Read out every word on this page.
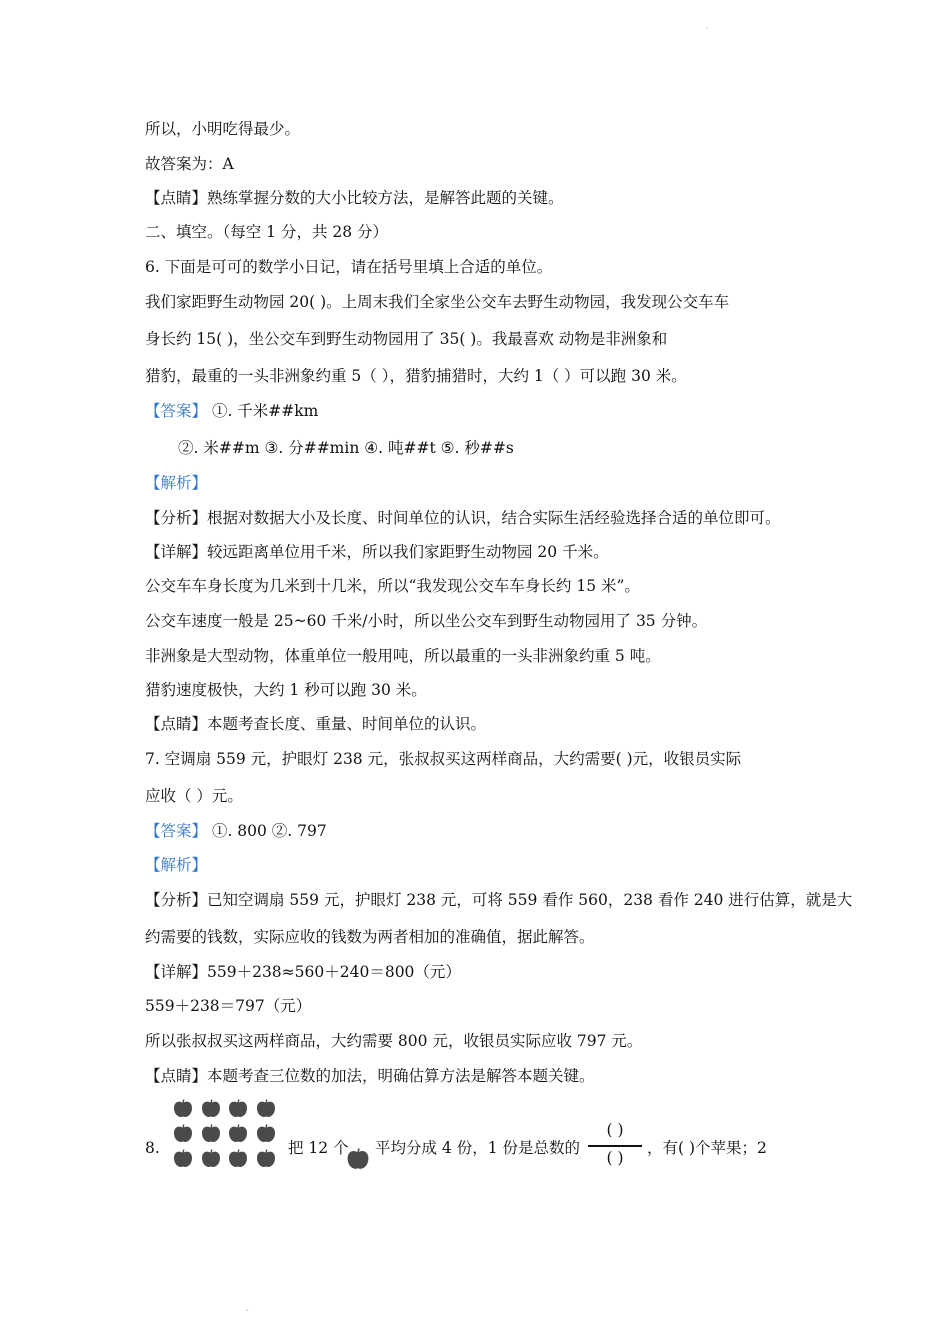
ˎ
所以，小明吃得最少。
故答案为：A
【点睛】熟练掌握分数的大小比较方法，是解答此题的关键。
二、填空。（每空 1 分，共 28 分）
6. 下面是可可的数学小日记，请在括号里填上合适的单位。
我们家距野生动物园 20( )。上周末我们全家坐公交车去野生动物园，我发现公交车车
身长约 15( )，坐公交车到野生动物园用了 35( )。我最喜欢 动物是非洲象和
猎豹，最重的一头非洲象约重 5（ ），猎豹捕猎时，大约 1（ ）可以跑 30 米。
【答案】 ①. 千米##km
②. 米##m ③. 分##min ④. 吨##t ⑤. 秒##s
【解析】
【分析】根据对数据大小及长度、时间单位的认识，结合实际生活经验选择合适的单位即可。
【详解】较远距离单位用千米，所以我们家距野生动物园 20 千米。
公交车车身长度为几米到十几米，所以“我发现公交车车身长约 15 米”。
公交车速度一般是 25~60 千米/小时，所以坐公交车到野生动物园用了 35 分钟。
非洲象是大型动物，体重单位一般用吨，所以最重的一头非洲象约重 5 吨。
猎豹速度极快，大约 1 秒可以跑 30 米。
【点睛】本题考查长度、重量、时间单位的认识。
7. 空调扇 559 元，护眼灯 238 元，张叔叔买这两样商品，大约需要( )元，收银员实际
应收（ ）元。
【答案】 ①. 800 ②. 797
【解析】
【分析】已知空调扇 559 元，护眼灯 238 元，可将 559 看作 560，238 看作 240 进行估算，就是大
约需要的钱数，实际应收的钱数为两者相加的准确值，据此解答。
【详解】559＋238≈560＋240＝800（元）
559＋238＝797（元）
所以张叔叔买这两样商品，大约需要 800 元，收银员实际应收 797 元。
【点睛】本题考查三位数的加法，明确估算方法是解答本题关键。
8.	把 12 个 平均分成 4 份，1 份是总数的
( )
( )
，有( )个苹果；2
ˎ
